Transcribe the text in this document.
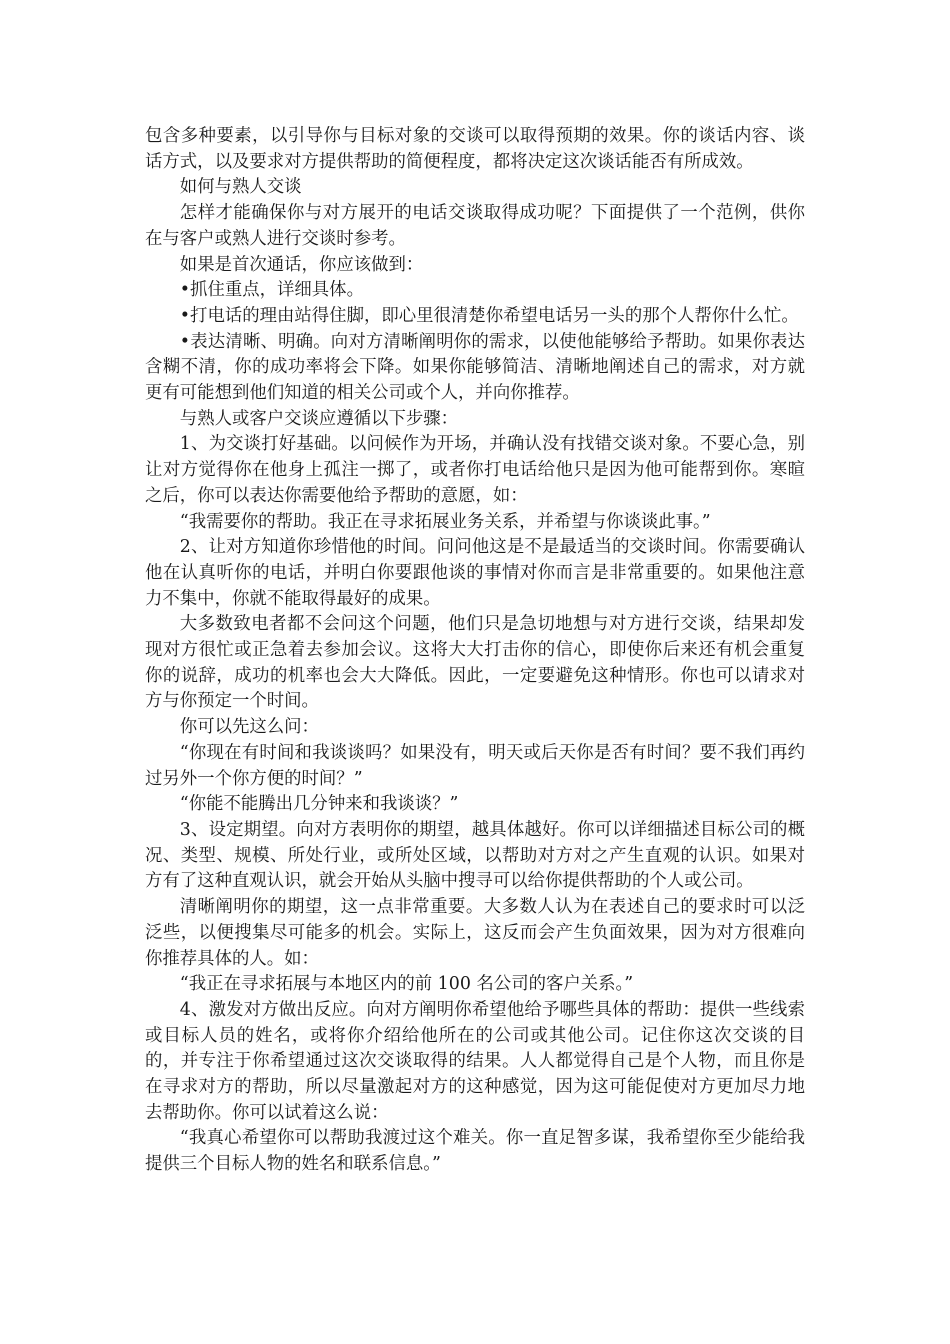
包含多种要素，以引导你与目标对象的交谈可以取得预期的效果。你的谈话内容、谈话方式，以及要求对方提供帮助的简便程度，都将决定这次谈话能否有所成效。

如何与熟人交谈

怎样才能确保你与对方展开的电话交谈取得成功呢？下面提供了一个范例，供你在与客户或熟人进行交谈时参考。

如果是首次通话，你应该做到：

•抓住重点，详细具体。

•打电话的理由站得住脚，即心里很清楚你希望电话另一头的那个人帮你什么忙。

•表达清晰、明确。向对方清晰阐明你的需求，以使他能够给予帮助。如果你表达含糊不清，你的成功率将会下降。如果你能够简洁、清晰地阐述自己的需求，对方就更有可能想到他们知道的相关公司或个人，并向你推荐。

与熟人或客户交谈应遵循以下步骤：

1、为交谈打好基础。以问候作为开场，并确认没有找错交谈对象。不要心急，别让对方觉得你在他身上孤注一掷了，或者你打电话给他只是因为他可能帮到你。寒暄之后，你可以表达你需要他给予帮助的意愿，如：

“我需要你的帮助。我正在寻求拓展业务关系，并希望与你谈谈此事。”

2、让对方知道你珍惜他的时间。问问他这是不是最适当的交谈时间。你需要确认他在认真听你的电话，并明白你要跟他谈的事情对你而言是非常重要的。如果他注意力不集中，你就不能取得最好的成果。

大多数致电者都不会问这个问题，他们只是急切地想与对方进行交谈，结果却发现对方很忙或正急着去参加会议。这将大大打击你的信心，即使你后来还有机会重复你的说辞，成功的机率也会大大降低。因此，一定要避免这种情形。你也可以请求对方与你预定一个时间。

你可以先这么问：

“你现在有时间和我谈谈吗？如果没有，明天或后天你是否有时间？要不我们再约过另外一个你方便的时间？”

“你能不能腾出几分钟来和我谈谈？”

3、设定期望。向对方表明你的期望，越具体越好。你可以详细描述目标公司的概况、类型、规模、所处行业，或所处区域，以帮助对方对之产生直观的认识。如果对方有了这种直观认识，就会开始从头脑中搜寻可以给你提供帮助的个人或公司。

清晰阐明你的期望，这一点非常重要。大多数人认为在表述自己的要求时可以泛泛些，以便搜集尽可能多的机会。实际上，这反而会产生负面效果，因为对方很难向你推荐具体的人。如：

“我正在寻求拓展与本地区内的前 100 名公司的客户关系。”

4、激发对方做出反应。向对方阐明你希望他给予哪些具体的帮助：提供一些线索或目标人员的姓名，或将你介绍给他所在的公司或其他公司。记住你这次交谈的目的，并专注于你希望通过这次交谈取得的结果。人人都觉得自己是个人物，而且你是在寻求对方的帮助，所以尽量激起对方的这种感觉，因为这可能促使对方更加尽力地去帮助你。你可以试着这么说：

“我真心希望你可以帮助我渡过这个难关。你一直足智多谋，我希望你至少能给我提供三个目标人物的姓名和联系信息。”
